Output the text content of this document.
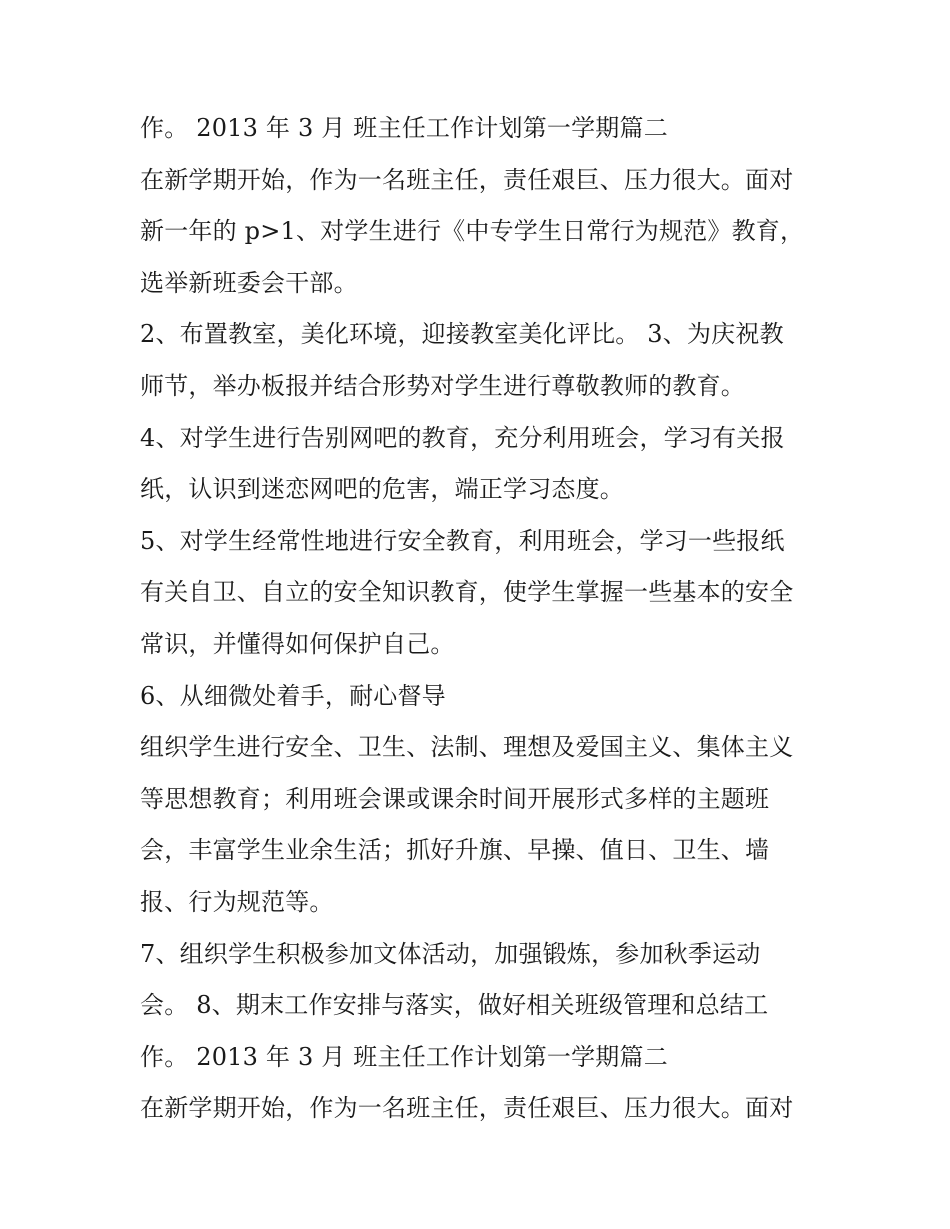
作。 2013 年 3 月 班主任工作计划第一学期篇二
在新学期开始，作为一名班主任，责任艰巨、压力很大。面对
新一年的 p>1、对学生进行《中专学生日常行为规范》教育，
选举新班委会干部。
2、布置教室，美化环境，迎接教室美化评比。 3、为庆祝教
师节，举办板报并结合形势对学生进行尊敬教师的教育。
4、对学生进行告别网吧的教育，充分利用班会，学习有关报
纸，认识到迷恋网吧的危害，端正学习态度。
5、对学生经常性地进行安全教育，利用班会，学习一些报纸
有关自卫、自立的安全知识教育，使学生掌握一些基本的安全
常识，并懂得如何保护自己。
6、从细微处着手，耐心督导
组织学生进行安全、卫生、法制、理想及爱国主义、集体主义
等思想教育；利用班会课或课余时间开展形式多样的主题班
会，丰富学生业余生活；抓好升旗、早操、值日、卫生、墙
报、行为规范等。
7、组织学生积极参加文体活动，加强锻炼，参加秋季运动
会。 8、期末工作安排与落实，做好相关班级管理和总结工
作。 2013 年 3 月 班主任工作计划第一学期篇二
在新学期开始，作为一名班主任，责任艰巨、压力很大。面对
